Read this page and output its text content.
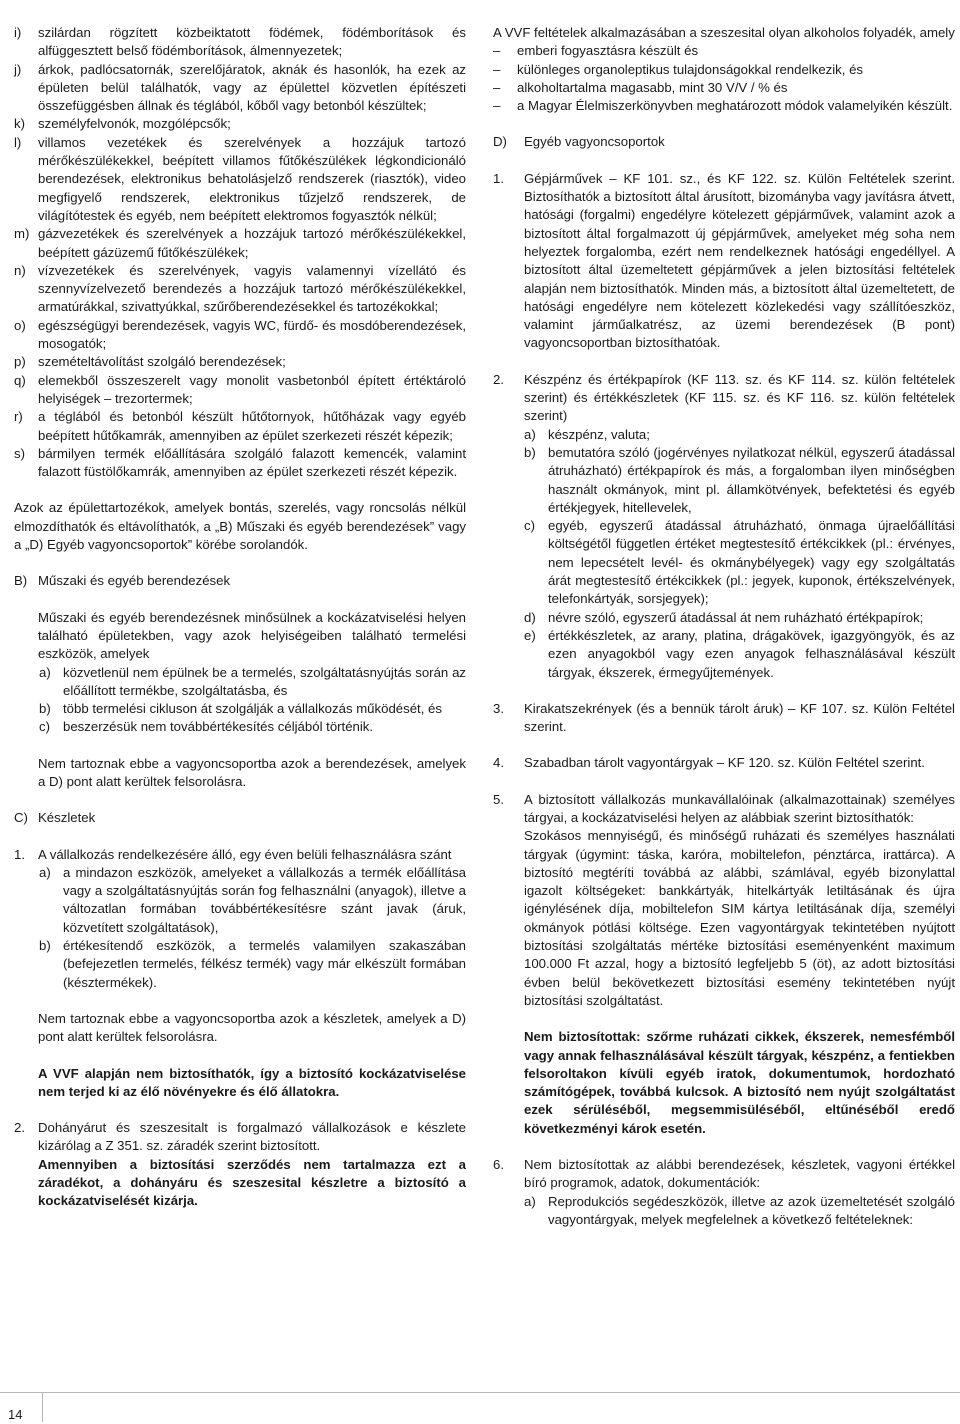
i) szilárdan rögzített közbeiktatott födémek, födémborítások és alfüggesztett belső födémborítások, álmennyezetek;
j) árkok, padlócsatornák, szerelőjáratok, aknák és hasonlók, ha ezek az épületen belül találhatók, vagy az épülettel közvetlen építészeti összefüggésben állnak és téglából, kőből vagy betonból készültek;
k) személyfelvonók, mozgólépcsők;
l) villamos vezetékek és szerelvények a hozzájuk tartozó mérőkészülékekkel, beépített villamos fűtőkészülékek légkondicionáló berendezések, elektronikus behatolásjelző rendszerek (riasztók), video megfigyelő rendszerek, elektronikus tűzjelző rendszerek, de világítótestek és egyéb, nem beépített elektromos fogyasztók nélkül;
m) gázvezetékek és szerelvények a hozzájuk tartozó mérőkészülékekkel, beépített gázüzemű fűtőkészülékek;
n) vízvezetékek és szerelvények, vagyis valamennyi vízellátó és szennyvízelvezető berendezés a hozzájuk tartozó mérőkészülékekkel, armatúrákkal, szivattyúkkal, szűrőberendezésekkel és tartozékokkal;
o) egészségügyi berendezések, vagyis WC, fürdő- és mosdóberendezések, mosogatók;
p) szemételtávolítást szolgáló berendezések;
q) elemekből összeszerelt vagy monolit vasbetonból épített értéktároló helyiségek – trezortermek;
r) a téglából és betonból készült hűtőtornyok, hűtőházak vagy egyéb beépített hűtőkamrák, amennyiben az épület szerkezeti részét képezik;
s) bármilyen termék előállítására szolgáló falazott kemencék, valamint falazott füstölőkamrák, amennyiben az épület szerkezeti részét képezik.
Azok az épülettartozékok, amelyek bontás, szerelés, vagy roncsolás nélkül elmozdíthatók és eltávolíthatók, a „B) Műszaki és egyéb berendezések” vagy a „D) Egyéb vagyoncsoportok” körébe sorolandók.
B) Műszaki és egyéb berendezések
Műszaki és egyéb berendezésnek minősülnek a kockázatviselési helyen található épületekben, vagy azok helyiségeiben található termelési eszközök, amelyek
a) közvetlenül nem épülnek be a termelés, szolgáltatásnyújtás során az előállított termékbe, szolgáltatásba, és
b) több termelési cikluson át szolgálják a vállalkozás működését, és
c) beszerzésük nem továbbértékesítés céljából történik.
Nem tartoznak ebbe a vagyoncsoportba azok a berendezések, amelyek a D) pont alatt kerültek felsorolásra.
C) Készletek
1. A vállalkozás rendelkezésére álló, egy éven belüli felhasználásra szánt
a) a mindazon eszközök, amelyeket a vállalkozás a termék előállítása vagy a szolgáltatásnyújtás során fog felhasználni (anyagok), illetve a változatlan formában továbbértékesítésre szánt javak (áruk, közvetített szolgáltatások),
b) értékesítendő eszközök, a termelés valamilyen szakaszában (befejezetlen termelés, félkész termék) vagy már elkészült formában (késztermékek).
Nem tartoznak ebbe a vagyoncsoportba azok a készletek, amelyek a D) pont alatt kerültek felsorolásra.
A VVF alapján nem biztosíthatók, így a biztosító kockázatviselése nem terjed ki az élő növényekre és élő állatokra.
2. Dohányárut és szeszesitalt is forgalmazó vállalkozások e készlete kizárólag a Z 351. sz. záradék szerint biztosított.
Amennyiben a biztosítási szerződés nem tartalmazza ezt a záradékot, a dohányáru és szeszesital készletre a biztosító a kockázatviselését kizárja.
A VVF feltételek alkalmazásában a szeszesital olyan alkoholos folyadék, amely
– emberi fogyasztásra készült és
– különleges organoleptikus tulajdonságokkal rendelkezik, és
– alkoholtartalma magasabb, mint 30 V/V / % és
– a Magyar Élelmiszerkönyvben meghatározott módok valamelyikén készült.
D) Egyéb vagyoncsoportok
1. Gépjárművek – KF 101. sz., és KF 122. sz. Külön Feltételek szerint. Biztosíthatók a biztosított által árusított, bizományba vagy javításra átvett, hatósági (forgalmi) engedélyre kötelezett gépjárművek, valamint azok a biztosított által forgalmazott új gépjárművek, amelyeket még soha nem helyeztek forgalomba, ezért nem rendelkeznek hatósági engedéllyel. A biztosított által üzemeltetett gépjárművek a jelen biztosítási feltételek alapján nem biztosíthatók. Minden más, a biztosított által üzemeltetett, de hatósági engedélyre nem kötelezett közlekedési vagy szállítóeszköz, valamint járműalkatrész, az üzemi berendezések (B pont) vagyoncsoportban biztosíthatóak.
2. Készpénz és értékpapírok (KF 113. sz. és KF 114. sz. külön feltételek szerint) és értékkészletek (KF 115. sz. és KF 116. sz. külön feltételek szerint)
a) készpénz, valuta;
b) bemutatóra szóló (jogérvényes nyilatkozat nélkül, egyszerű átadással átruházható) értékpapírok és más, a forgalomban ilyen minőségben használt okmányok, mint pl. államkötvények, befektetési és egyéb értékjegyek, hitellevelek,
c) egyéb, egyszerű átadással átruházható, önmaga újraelőállítási költségétől független értéket megtestesítő értékcikkek (pl.: érvényes, nem lepecsételt levél- és okmánybélyegek) vagy egy szolgáltatás árát megtestesítő értékcikkek (pl.: jegyek, kuponok, értékszelvények, telefonkártyák, sorsjegyek);
d) névre szóló, egyszerű átadással át nem ruházható értékpapírok;
e) értékkészletek, az arany, platina, drágakövek, igazgyöngyök, és az ezen anyagokból vagy ezen anyagok felhasználásával készült tárgyak, ékszerek, érmegyűjtemények.
3. Kirakatszekrények (és a bennük tárolt áruk) – KF 107. sz. Külön Feltétel szerint.
4. Szabadban tárolt vagyontárgyak – KF 120. sz. Külön Feltétel szerint.
5. A biztosított vállalkozás munkavállalóinak (alkalmazottainak) személyes tárgyai, a kockázatviselési helyen az alábbiak szerint biztosíthatók:
Szokásos mennyiségű, és minőségű ruházati és személyes használati tárgyak (úgymint: táska, karóra, mobiltelefon, pénztárca, irattárca). A biztosító megtéríti továbbá az alábbi, számlával, egyéb bizonylattal igazolt költségeket: bankkártyák, hitelkártyák letiltásának és újra igénylésének díja, mobiltelefon SIM kártya letiltásának díja, személyi okmányok pótlási költsége. Ezen vagyontárgyak tekintetében nyújtott biztosítási szolgáltatás mértéke biztosítási eseményenként maximum 100.000 Ft azzal, hogy a biztosító legfeljebb 5 (öt), az adott biztosítási évben belül bekövetkezett biztosítási esemény tekintetében nyújt biztosítási szolgáltatást.
Nem biztosítottak: szőrme ruházati cikkek, ékszerek, nemesfémből vagy annak felhasználásával készült tárgyak, készpénz, a fentiekben felsoroltakon kívüli egyéb iratok, dokumentumok, hordozható számítógépek, továbbá kulcsok. A biztosító nem nyújt szolgáltatást ezek sérüléséből, megsemmisüléséből, eltűnéséből eredő következményi károk esetén.
6. Nem biztosítottak az alábbi berendezések, készletek, vagyoni értékkel bíró programok, adatok, dokumentációk:
a) Reprodukciós segédeszközök, illetve az azok üzemeltetését szolgáló vagyontárgyak, melyek megfelelnek a következő feltételeknek:
14
